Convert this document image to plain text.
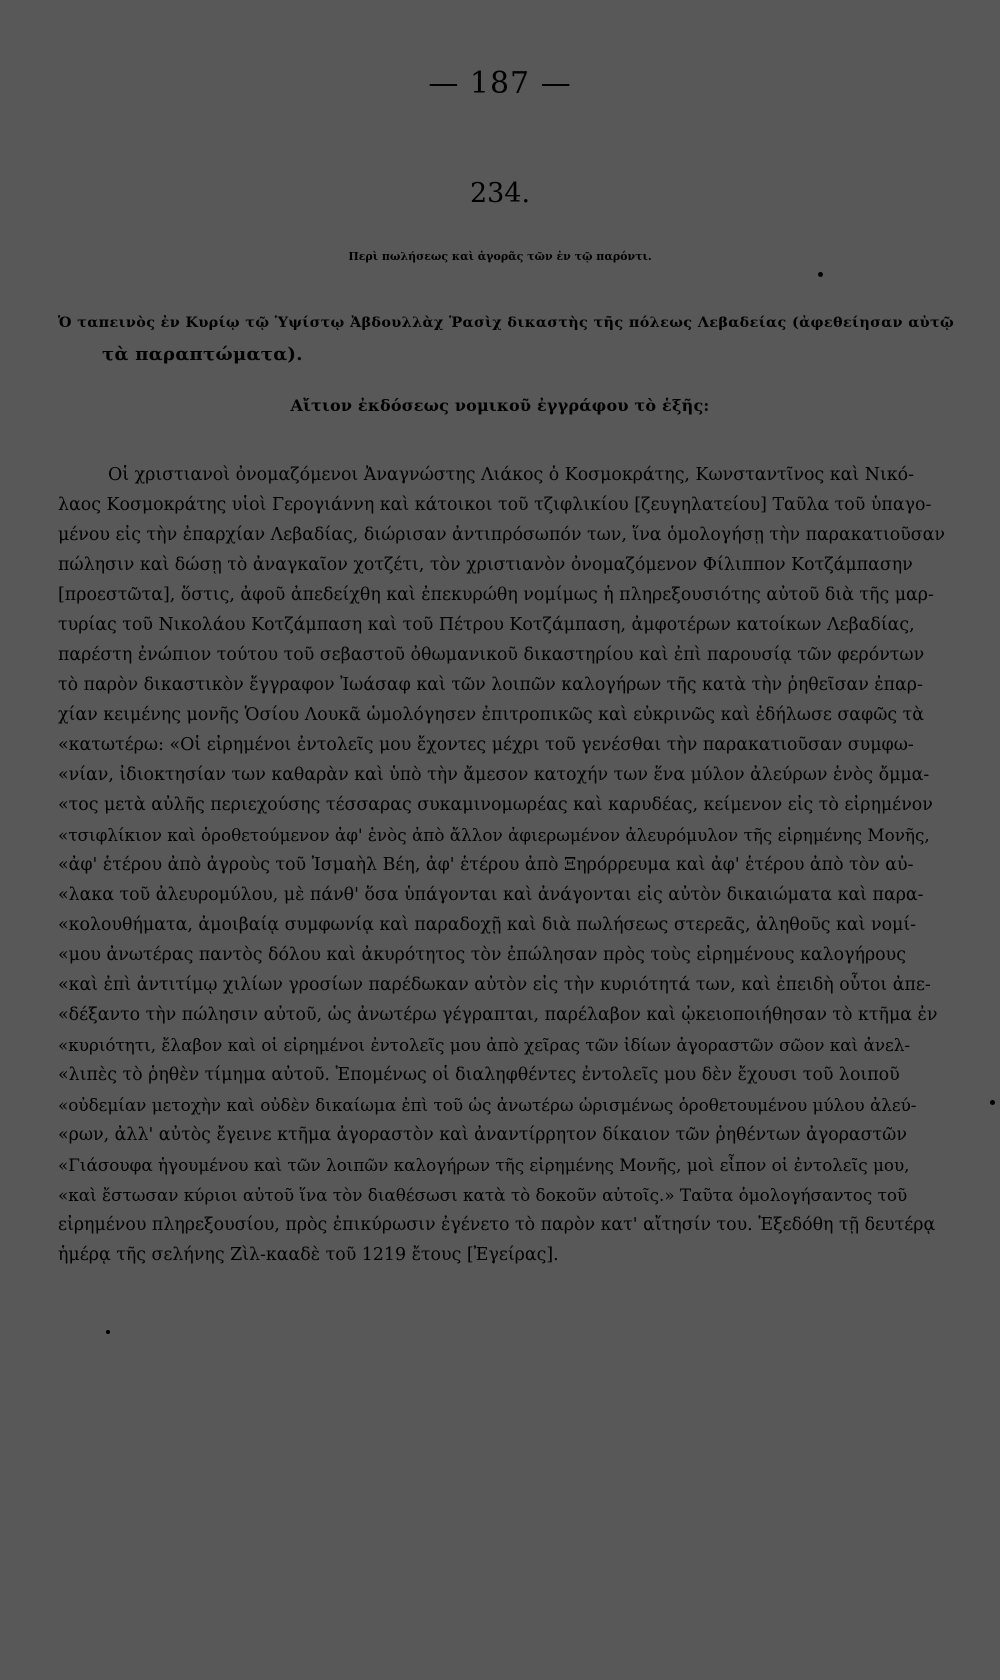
— 187 —
234.
Περὶ πωλήσεως καὶ ἀγορᾶς τῶν ἐν τῷ παρόντι.
Ὁ ταπεινὸς ἐν Κυρίῳ τῷ Ὑψίστῳ Ἀβδουλλὰχ Ῥασὶχ δικαστὴς τῆς πόλεως Λεβαδείας (ἀφεθείησαν αὐτῷ
τὰ παραπτώματα).
Αἴτιον ἐκδόσεως νομικοῦ ἐγγράφου τὸ ἑξῆς:
Οἱ χριστιανοὶ ὀνομαζόμενοι Ἀναγνώστης Λιάκος ὁ Κοσμοκράτης, Κωνσταντῖνος καὶ Νικό-
λαος Κοσμοκράτης υἱοὶ Γερογιάννη καὶ κάτοικοι τοῦ τζιφλικίου [ζευγηλατείου] Ταῦλα τοῦ ὑπαγο-
μένου εἰς τὴν ἐπαρχίαν Λεβαδίας, διώρισαν ἀντιπρόσωπόν των, ἵνα ὁμολογήσῃ τὴν παρακατιοῦσαν
πώλησιν καὶ δώσῃ τὸ ἀναγκαῖον χοτζέτι, τὸν χριστιανὸν ὀνομαζόμενον Φίλιππον Κοτζάμπασην
[προεστῶτα], ὅστις, ἀφοῦ ἀπεδείχθη καὶ ἐπεκυρώθη νομίμως ἡ πληρεξουσιότης αὐτοῦ διὰ τῆς μαρ-
τυρίας τοῦ Νικολάου Κοτζάμπαση καὶ τοῦ Πέτρου Κοτζάμπαση, ἀμφοτέρων κατοίκων Λεβαδίας,
παρέστη ἐνώπιον τούτου τοῦ σεβαστοῦ ὀθωμανικοῦ δικαστηρίου καὶ ἐπὶ παρουσίᾳ τῶν φερόντων
τὸ παρὸν δικαστικὸν ἔγγραφον Ἰωάσαφ καὶ τῶν λοιπῶν καλογήρων τῆς κατὰ τὴν ῥηθεῖσαν ἐπαρ-
χίαν κειμένης μονῆς Ὁσίου Λουκᾶ ὡμολόγησεν ἐπιτροπικῶς καὶ εὐκρινῶς καὶ ἐδήλωσε σαφῶς τὰ
«κατωτέρω: «Οἱ εἰρημένοι ἐντολεῖς μου ἔχοντες μέχρι τοῦ γενέσθαι τὴν παρακατιοῦσαν συμφω-
«νίαν, ἰδιοκτησίαν των καθαρὰν καὶ ὑπὸ τὴν ἄμεσον κατοχήν των ἕνα μύλον ἀλεύρων ἑνὸς ὄμμα-
«τος μετὰ αὐλῆς περιεχούσης τέσσαρας συκαμινομωρέας καὶ καρυδέας, κείμενον εἰς τὸ εἰρημένον
«τσιφλίκιον καὶ ὁροθετούμενον ἀφ' ἑνὸς ἀπὸ ἄλλον ἀφιερωμένον ἀλευρόμυλον τῆς εἰρημένης Μονῆς,
«ἀφ' ἑτέρου ἀπὸ ἀγροὺς τοῦ Ἰσμαὴλ Βέη, ἀφ' ἑτέρου ἀπὸ Ξηρόρρευμα καὶ ἀφ' ἑτέρου ἀπὸ τὸν αὐ-
«λακα τοῦ ἀλευρομύλου, μὲ πάνθ' ὅσα ὑπάγονται καὶ ἀνάγονται εἰς αὐτὸν δικαιώματα καὶ παρα-
«κολουθήματα, ἀμοιβαίᾳ συμφωνίᾳ καὶ παραδοχῇ καὶ διὰ πωλήσεως στερεᾶς, ἀληθοῦς καὶ νομί-
«μου ἀνωτέρας παντὸς δόλου καὶ ἀκυρότητος τὸν ἐπώλησαν πρὸς τοὺς εἰρημένους καλογήρους
«καὶ ἐπὶ ἀντιτίμῳ χιλίων γροσίων παρέδωκαν αὐτὸν εἰς τὴν κυριότητά των, καὶ ἐπειδὴ οὗτοι ἀπε-
«δέξαντο τὴν πώλησιν αὐτοῦ, ὡς ἀνωτέρω γέγραπται, παρέλαβον καὶ ᾠκειοποιήθησαν τὸ κτῆμα ἐν
«κυριότητι, ἔλαβον καὶ οἱ εἰρημένοι ἐντολεῖς μου ἀπὸ χεῖρας τῶν ἰδίων ἀγοραστῶν σῶον καὶ ἀνελ-
«λιπὲς τὸ ῥηθὲν τίμημα αὐτοῦ. Ἑπομένως οἱ διαληφθέντες ἐντολεῖς μου δὲν ἔχουσι τοῦ λοιποῦ
«οὐδεμίαν μετοχὴν καὶ οὐδὲν δικαίωμα ἐπὶ τοῦ ὡς ἀνωτέρω ὡρισμένως ὁροθετουμένου μύλου ἀλεύ-
«ρων, ἀλλ' αὐτὸς ἔγεινε κτῆμα ἀγοραστὸν καὶ ἀναντίρρητον δίκαιον τῶν ῥηθέντων ἀγοραστῶν
«Γιάσουφα ἡγουμένου καὶ τῶν λοιπῶν καλογήρων τῆς εἰρημένης Μονῆς, μοὶ εἶπον οἱ ἐντολεῖς μου,
«καὶ ἔστωσαν κύριοι αὐτοῦ ἵνα τὸν διαθέσωσι κατὰ τὸ δοκοῦν αὐτοῖς.» Ταῦτα ὁμολογήσαντος τοῦ
εἰρημένου πληρεξουσίου, πρὸς ἐπικύρωσιν ἐγένετο τὸ παρὸν κατ' αἴτησίν του. Ἐξεδόθη τῇ δευτέρᾳ
ἡμέρᾳ τῆς σελήνης Ζὶλ-κααδὲ τοῦ 1219 ἔτους [Ἐγείρας].
